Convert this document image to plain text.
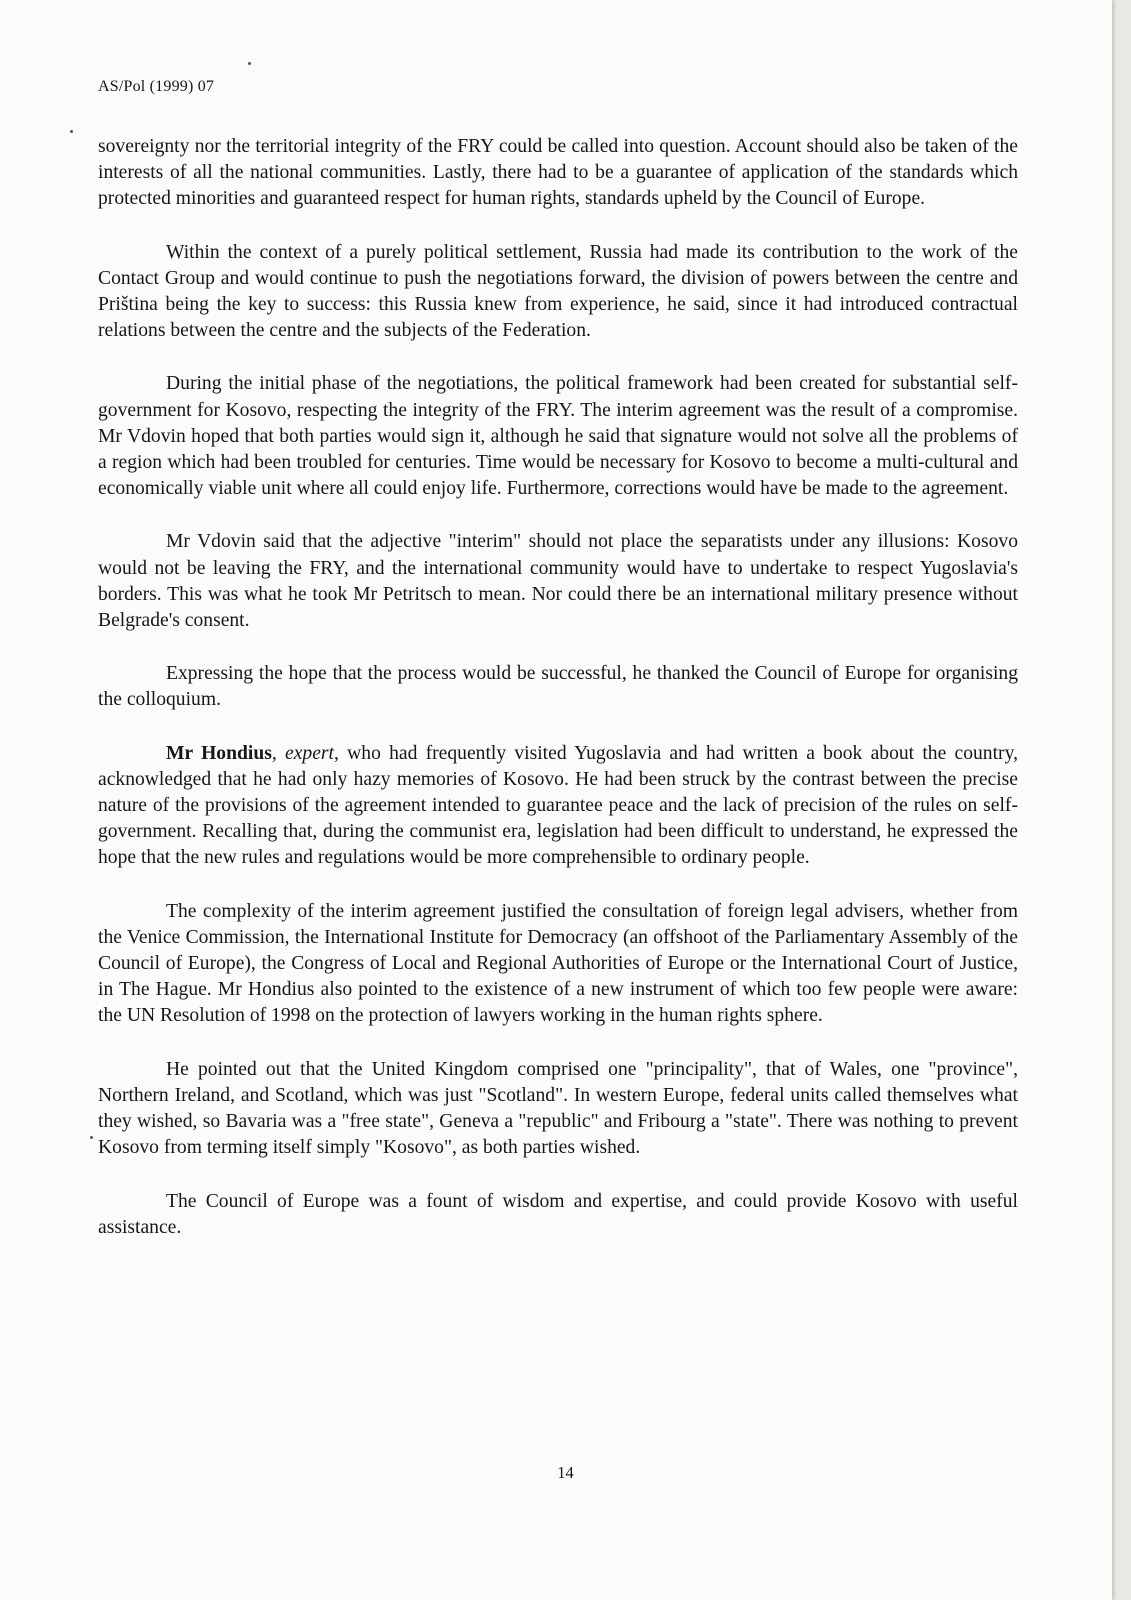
AS/Pol (1999) 07

sovereignty nor the territorial integrity of the FRY could be called into question. Account should also be taken of the interests of all the national communities. Lastly, there had to be a guarantee of application of the standards which protected minorities and guaranteed respect for human rights, standards upheld by the Council of Europe.

Within the context of a purely political settlement, Russia had made its contribution to the work of the Contact Group and would continue to push the negotiations forward, the division of powers between the centre and Priština being the key to success: this Russia knew from experience, he said, since it had introduced contractual relations between the centre and the subjects of the Federation.

During the initial phase of the negotiations, the political framework had been created for substantial self-government for Kosovo, respecting the integrity of the FRY. The interim agreement was the result of a compromise. Mr Vdovin hoped that both parties would sign it, although he said that signature would not solve all the problems of a region which had been troubled for centuries. Time would be necessary for Kosovo to become a multi-cultural and economically viable unit where all could enjoy life. Furthermore, corrections would have be made to the agreement.

Mr Vdovin said that the adjective "interim" should not place the separatists under any illusions: Kosovo would not be leaving the FRY, and the international community would have to undertake to respect Yugoslavia's borders. This was what he took Mr Petritsch to mean. Nor could there be an international military presence without Belgrade's consent.

Expressing the hope that the process would be successful, he thanked the Council of Europe for organising the colloquium.

Mr Hondius, expert, who had frequently visited Yugoslavia and had written a book about the country, acknowledged that he had only hazy memories of Kosovo. He had been struck by the contrast between the precise nature of the provisions of the agreement intended to guarantee peace and the lack of precision of the rules on self-government. Recalling that, during the communist era, legislation had been difficult to understand, he expressed the hope that the new rules and regulations would be more comprehensible to ordinary people.

The complexity of the interim agreement justified the consultation of foreign legal advisers, whether from the Venice Commission, the International Institute for Democracy (an offshoot of the Parliamentary Assembly of the Council of Europe), the Congress of Local and Regional Authorities of Europe or the International Court of Justice, in The Hague. Mr Hondius also pointed to the existence of a new instrument of which too few people were aware: the UN Resolution of 1998 on the protection of lawyers working in the human rights sphere.

He pointed out that the United Kingdom comprised one "principality", that of Wales, one "province", Northern Ireland, and Scotland, which was just "Scotland". In western Europe, federal units called themselves what they wished, so Bavaria was a "free state", Geneva a "republic" and Fribourg a "state". There was nothing to prevent Kosovo from terming itself simply "Kosovo", as both parties wished.

The Council of Europe was a fount of wisdom and expertise, and could provide Kosovo with useful assistance.

14
